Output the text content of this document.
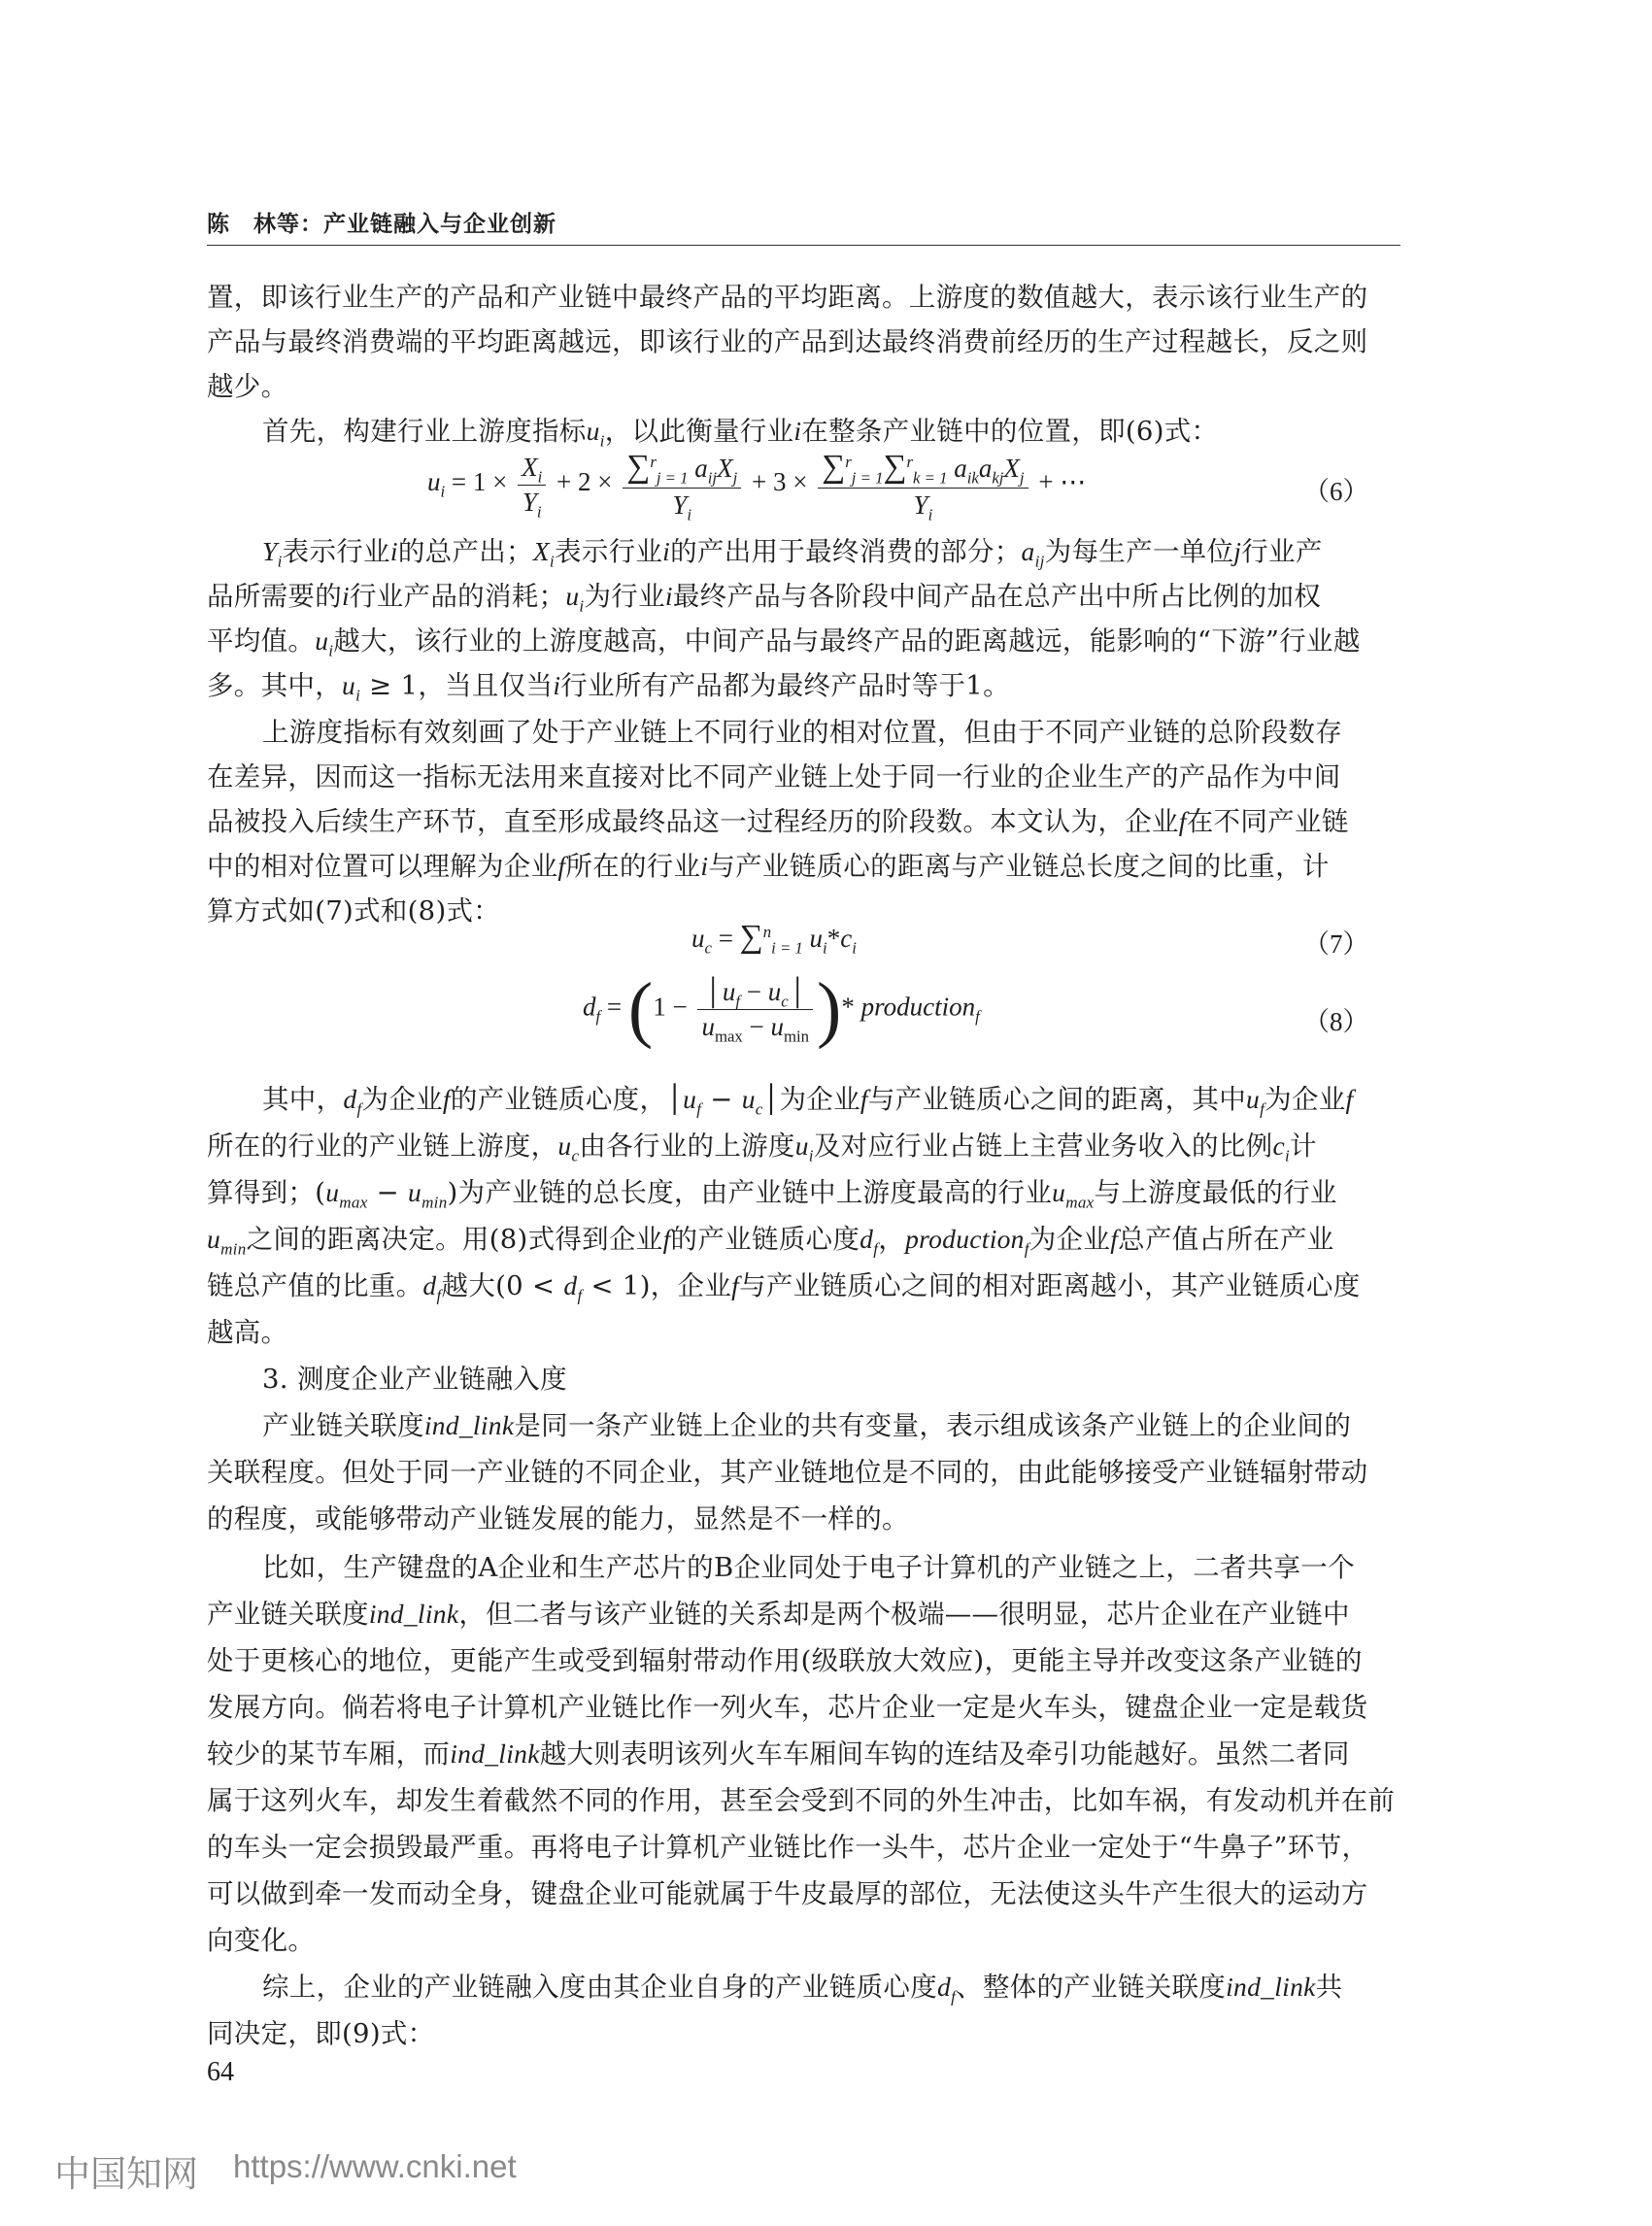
陈　林等：产业链融入与企业创新
置，即该行业生产的产品和产业链中最终产品的平均距离。上游度的数值越大，表示该行业生产的
产品与最终消费端的平均距离越远，即该行业的产品到达最终消费前经历的生产过程越长，反之则
越少。
首先，构建行业上游度指标$u_i$，以此衡量行业i在整条产业链中的位置，即(6)式：
$u_i = 1 \times \frac{X_i}{Y_i} + 2 \times \frac{\sum^r_{j = 1} a_{ij}X_j}{Y_i} + 3 \times \frac{\sum^r_{j = 1}\sum^r_{k = 1} a_{ik}a_{kj}X_j}{Y_i}$ + ⋯	（6）
$Y_i$表示行业i的总产出；$X_i$表示行业i的产出用于最终消费的部分；$a_{ij}$为每生产一单位j行业产
品所需要的i行业产品的消耗；$u_i$为行业i最终产品与各阶段中间产品在总产出中所占比例的加权
平均值。$u_i$越大，该行业的上游度越高，中间产品与最终产品的距离越远，能影响的“下游”行业越
多。其中，$u_i \ge 1$，当且仅当i行业所有产品都为最终产品时等于1。
上游度指标有效刻画了处于产业链上不同行业的相对位置，但由于不同产业链的总阶段数存
在差异，因而这一指标无法用来直接对比不同产业链上处于同一行业的企业生产的产品作为中间
品被投入后续生产环节，直至形成最终品这一过程经历的阶段数。本文认为，企业f在不同产业链
中的相对位置可以理解为企业f所在的行业i与产业链质心的距离与产业链总长度之间的比重，计
算方式如(7)式和(8)式：
$u_c = \sum^n_{i = 1}$ $u_i*c_i$	（7）
$d_f = (1 - \frac{│u_f - u_c│}{u_{max} - u_{min}}$ )* production$_f$	（8）
其中，$d_f$为企业f的产业链质心度，$│u_f$ − $u_c│$为企业f与产业链质心之间的距离，其中$u_f$为企业f
所在的行业的产业链上游度，$u_c$由各行业的上游度$u_i$及对应行业占链上主营业务收入的比例$c_i$计
算得到；$(u_{max} - u_{min})$为产业链的总长度，由产业链中上游度最高的行业$u_{max}$与上游度最低的行业
$u_{min}$之间的距离决定。用(8)式得到企业f的产业链质心度$d_f$，production$_f$为企业f总产值占所在产业
链总产值的比重。$d_f$越大$(0 < d_f < 1)$，企业f与产业链质心之间的相对距离越小，其产业链质心度
越高。
3. 测度企业产业链融入度
产业链关联度ind_link是同一条产业链上企业的共有变量，表示组成该条产业链上的企业间的
关联程度。但处于同一产业链的不同企业，其产业链地位是不同的，由此能够接受产业链辐射带动
的程度，或能够带动产业链发展的能力，显然是不一样的。
比如，生产键盘的A企业和生产芯片的B企业同处于电子计算机的产业链之上，二者共享一个
产业链关联度ind_link，但二者与该产业链的关系却是两个极端——很明显，芯片企业在产业链中
处于更核心的地位，更能产生或受到辐射带动作用(级联放大效应)，更能主导并改变这条产业链的
发展方向。倘若将电子计算机产业链比作一列火车，芯片企业一定是火车头，键盘企业一定是载货
较少的某节车厢，而ind_link越大则表明该列火车车厢间车钩的连结及牵引功能越好。虽然二者同
属于这列火车，却发生着截然不同的作用，甚至会受到不同的外生冲击，比如车祸，有发动机并在前
的车头一定会损毁最严重。再将电子计算机产业链比作一头牛，芯片企业一定处于“牛鼻子”环节，
可以做到牵一发而动全身，键盘企业可能就属于牛皮最厚的部位，无法使这头牛产生很大的运动方
向变化。
综上，企业的产业链融入度由其企业自身的产业链质心度$d_f$、整体的产业链关联度ind_link共
同决定，即(9)式：
64
中国知网 https://www.cnki.net
